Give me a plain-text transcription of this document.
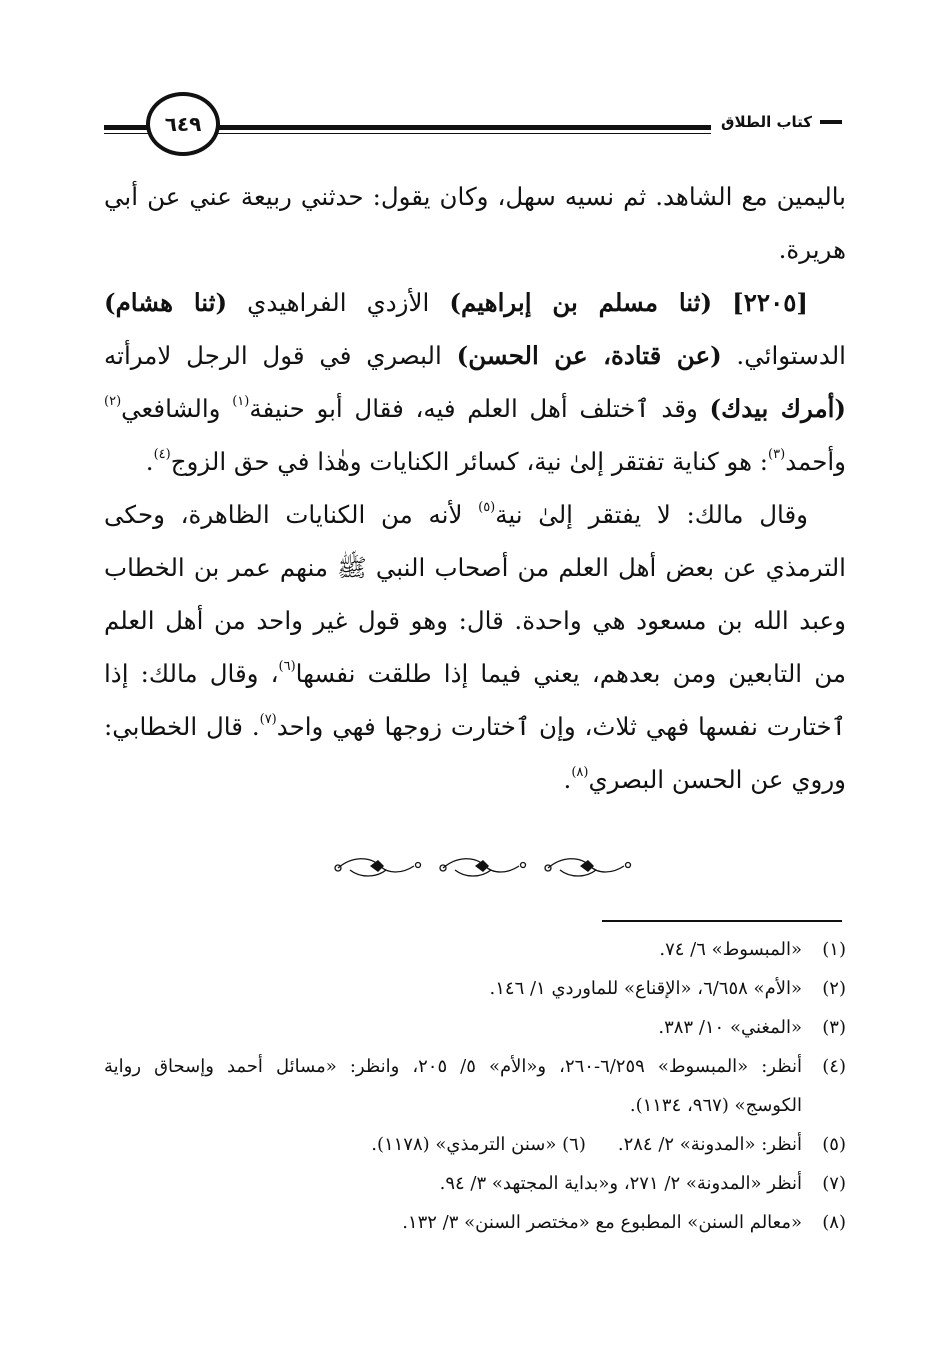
كتاب الطلاق
٦٤٩

باليمين مع الشاهد. ثم نسيه سهل، وكان يقول: حدثني ربيعة عني عن أبي هريرة.

[٢٢٠٥] (ثنا مسلم بن إبراهيم) الأزدي الفراهيدي (ثنا هشام) الدستوائي. (عن قتادة، عن الحسن) البصري في قول الرجل لامرأته (أمرك بيدك) وقد ٱختلف أهل العلم فيه، فقال أبو حنيفة$^{(١)}$ والشافعي$^{(٢)}$ وأحمد$^{(٣)}$: هو كناية تفتقر إلىٰ نية، كسائر الكنايات وهٰذا في حق الزوج$^{(٤)}$.

وقال مالك: لا يفتقر إلىٰ نية$^{(٥)}$ لأنه من الكنايات الظاهرة، وحكى الترمذي عن بعض أهل العلم من أصحاب النبي ﷺ منهم عمر بن الخطاب وعبد الله بن مسعود هي واحدة. قال: وهو قول غير واحد من أهل العلم من التابعين ومن بعدهم، يعني فيما إذا طلقت نفسها$^{(٦)}$، وقال مالك: إذا ٱختارت نفسها فهي ثلاث، وإن ٱختارت زوجها فهي واحد$^{(٧)}$. قال الخطابي: وروي عن الحسن البصري$^{(٨)}$.

(١)
«المبسوط» ٦/ ٧٤.
(٢)
«الأم» ٦/٦٥٨، «الإقناع» للماوردي ١/ ١٤٦.
(٣)
«المغني» ١٠/ ٣٨٣.
(٤)
أنظر: «المبسوط» ٦/٢٥٩-٢٦٠، و«الأم» ٥/ ٢٠٥، وانظر: «مسائل أحمد وإسحاق رواية الكوسج» (٩٦٧، ١١٣٤).
(٥)
أنظر: «المدونة» ٢/ ٢٨٤.(٦) «سنن الترمذي» (١١٧٨).
(٧)
أنظر «المدونة» ٢/ ٢٧١، و«بداية المجتهد» ٣/ ٩٤.
(٨)
«معالم السنن» المطبوع مع «مختصر السنن» ٣/ ١٣٢.
